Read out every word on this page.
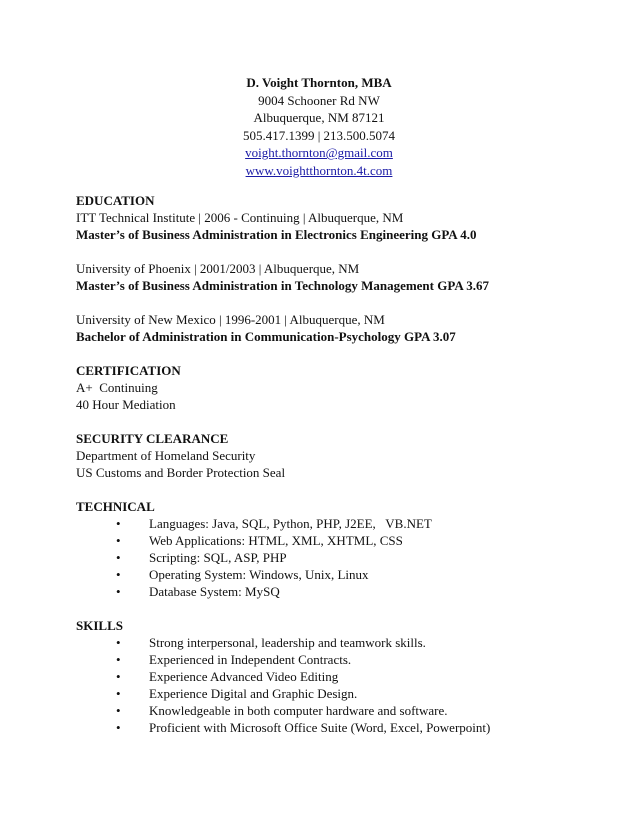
D. Voight Thornton, MBA
9004 Schooner Rd NW
Albuquerque, NM 87121
505.417.1399 | 213.500.5074
voight.thornton@gmail.com
www.voightthornton.4t.com

EDUCATION

ITT Technical Institute | 2006 - Continuing | Albuquerque, NM

Master’s of Business Administration in Electronics Engineering GPA 4.0

University of Phoenix | 2001/2003 | Albuquerque, NM

Master’s of Business Administration in Technology Management GPA 3.67

University of New Mexico | 1996-2001 | Albuquerque, NM

Bachelor of Administration in Communication-Psychology GPA 3.07

CERTIFICATION

A+  Continuing

40 Hour Mediation

SECURITY CLEARANCE

Department of Homeland Security

US Customs and Border Protection Seal

TECHNICAL

• Languages: Java, SQL, Python, PHP, J2EE,   VB.NET
• Web Applications: HTML, XML, XHTML, CSS
• Scripting: SQL, ASP, PHP
• Operating System: Windows, Unix, Linux
• Database System: MySQ

SKILLS

• Strong interpersonal, leadership and teamwork skills.
• Experienced in Independent Contracts.
• Experience Advanced Video Editing
• Experience Digital and Graphic Design.
• Knowledgeable in both computer hardware and software.
• Proficient with Microsoft Office Suite (Word, Excel, Powerpoint)
